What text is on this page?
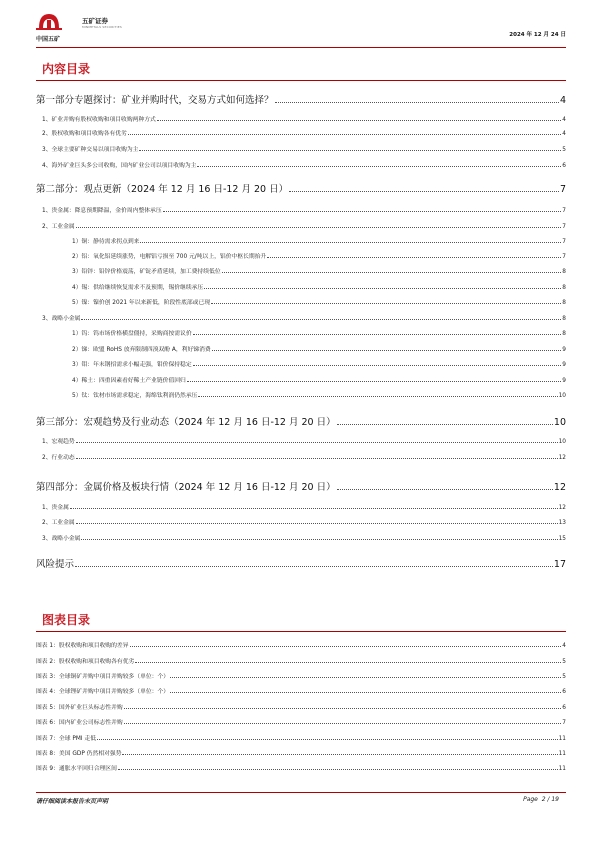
中国五矿
五矿证券
MINMETALS SECURITIES
2024 年 12 月 24 日
内容目录
第一部分专题探讨：矿业并购时代，交易方式如何选择？	4
1、矿业并购有股权收购和项目收购两种方式	4
2、股权收购和项目收购各有优劣	4
3、全球主要矿种交易以项目收购为主	5
4、海外矿业巨头多公司收购，国内矿业公司以项目收购为主	6
第二部分：观点更新（2024 年 12 月 16 日-12 月 20 日）	7
1、贵金属：降息预期降温，金价周内整体承压	7
2、工业金属	7
1）铜：静待需求拐点到来	7
2）铝：氧化铝延续涨势，电解铝亏损至 700 元/吨以上，铝价中枢长期抬升	7
3）铅锌：铅锌价格震荡，矿锭矛盾延续，加工费持续低位	8
4）锡：供给继续恢复需求不及预期，锡价继续承压	8
5）镍：镍价创 2021 年以来新低，阶段性底部或已现	8
3、战略小金属	8
1）钨：钨市场价格横盘僵持，采购商按需议价	8
2）锑：欧盟 RoHS 放弃限制四溴双酚 A，利好锑消费	9
3）钼：年末钢招需求小幅走强，钼价保持稳定	9
4）稀土：四重因素看好稀土产业链价值回归	9
5）钛：钛材市场需求稳定，海绵钛利润仍然承压	10
第三部分：宏观趋势及行业动态（2024 年 12 月 16 日-12 月 20 日）	10
1、宏观趋势	10
2、行业动态	12
第四部分：金属价格及板块行情（2024 年 12 月 16 日-12 月 20 日）	12
1、贵金属	12
2、工业金属	13
3、战略小金属	15
风险提示	17
图表目录
图表 1：股权收购和项目收购的差异	4
图表 2：股权收购和项目收购各有优劣	5
图表 3：全球铜矿并购中项目并购较多（单位：个）	5
图表 4：全球锂矿并购中项目并购较多（单位：个）	6
图表 5：国外矿业巨头标志性并购	6
图表 6：国内矿业公司标志性并购	7
图表 7：全球 PMI 走低	11
图表 8：美国 GDP 仍然相对强势	11
图表 9：通胀水平回归合理区间	11
请仔细阅读本报告末页声明	Page 2 / 19
